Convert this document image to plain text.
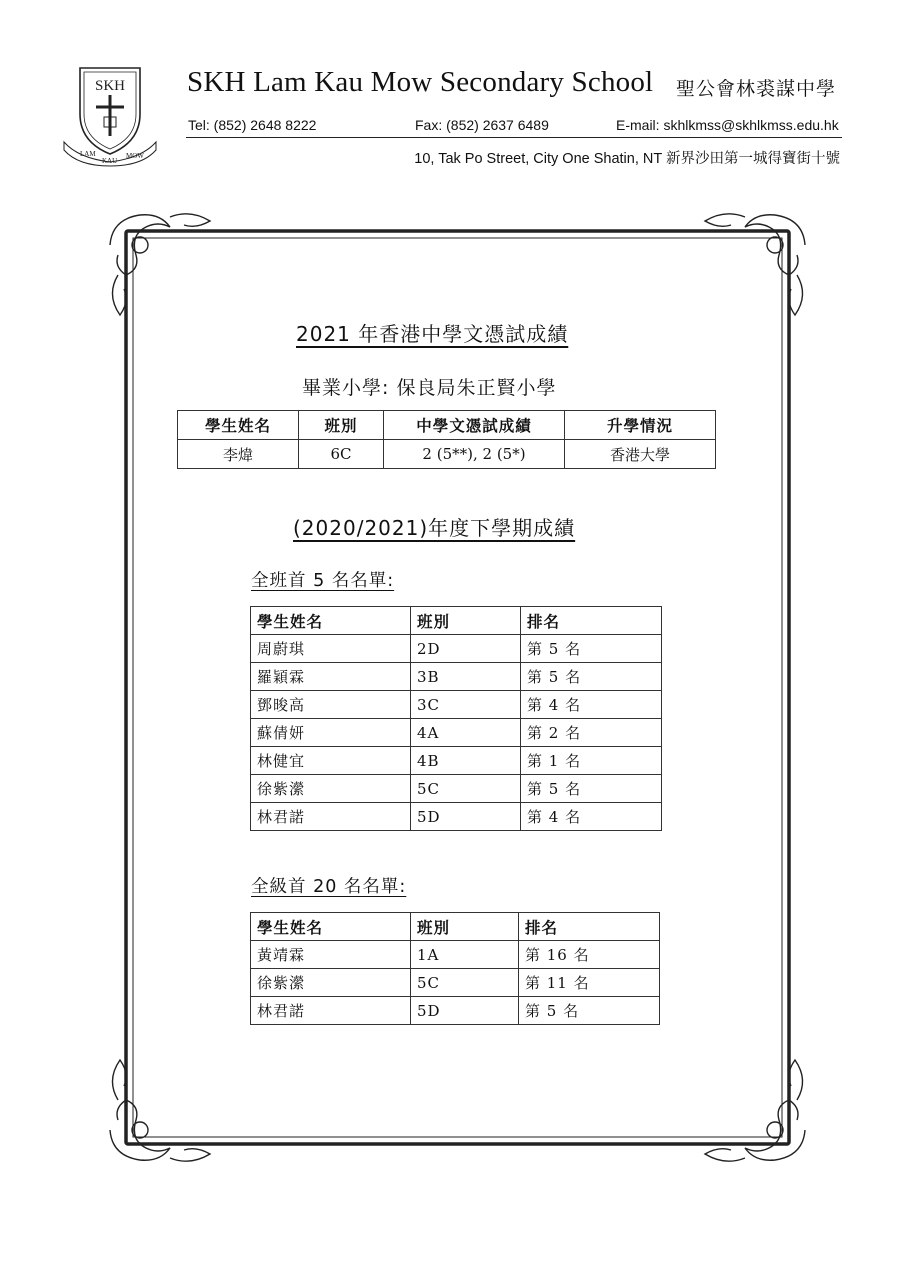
SKH
LAM
KAU
MOW
SKH Lam Kau Mow Secondary School 聖公會林裘謀中學
Tel: (852) 2648 8222	Fax: (852) 2637 6489	E-mail: skhlkmss@skhlkmss.edu.hk
10, Tak Po Street, City One Shatin, NT 新界沙田第一城得寶街十號
2021 年香港中學文憑試成績
畢業小學: 保良局朱正賢小學
學生姓名	班別	中學文憑試成績	升學情況
李煒	6C	2 (5**), 2 (5*)	香港大學
(2020/2021)年度下學期成績
全班首 5 名名單:
學生姓名	班別	排名
周蔚琪	2D	第 5 名
羅穎霖	3B	第 5 名
鄧晙高	3C	第 4 名
蘇倩妍	4A	第 2 名
林健宜	4B	第 1 名
徐紫瀠	5C	第 5 名
林君諾	5D	第 4 名
全級首 20 名名單:
學生姓名	班別	排名
黃靖霖	1A	第 16 名
徐紫瀠	5C	第 11 名
林君諾	5D	第 5 名
